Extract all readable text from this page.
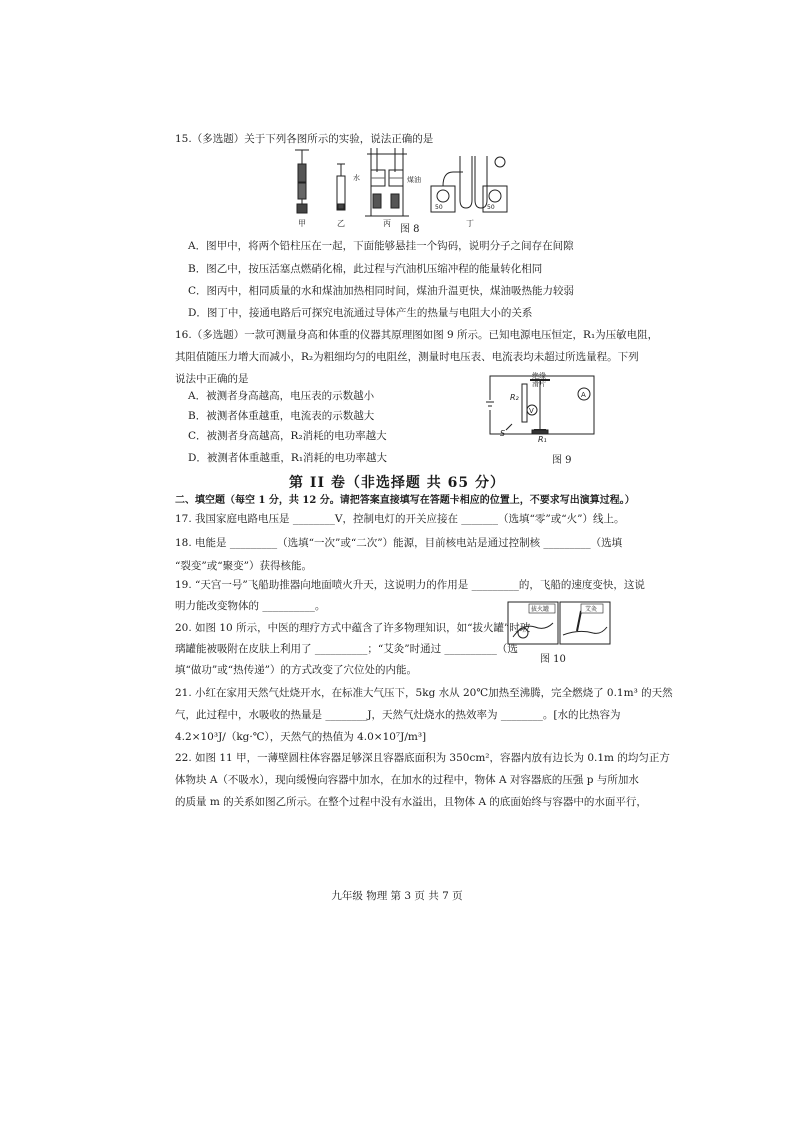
15.（多选题）关于下列各图所示的实验，说法正确的是
水	煤油
50	50
甲	乙	丙	丁
图 8
A．图甲中，将两个铅柱压在一起，下面能够悬挂一个钩码，说明分子之间存在间隙
B．图乙中，按压活塞点燃硝化棉，此过程与汽油机压缩冲程的能量转化相同
C．图丙中，相同质量的水和煤油加热相同时间，煤油升温更快，煤油吸热能力较弱
D．图丁中，接通电路后可探究电流通过导体产生的热量与电阻大小的关系
16.（多选题）一款可测量身高和体重的仪器其原理图如图 9 所示。已知电源电压恒定，R₁为压敏电阻，
其阻值随压力增大而减小，R₂为粗细均匀的电阻丝，测量时电压表、电流表均未超过所选量程。下列
说法中正确的是
A．被测者身高越高，电压表的示数越小
B．被测者体重越重，电流表的示数越大
C．被测者身高越高，R₂消耗的电功率越大
D．被测者体重越重，R₁消耗的电功率越大
V
A
R₂
R₁
S
绝缘
滑片
图 9
第 II 卷（非选择题 共 65 分）
二、填空题（每空 1 分，共 12 分。请把答案直接填写在答题卡相应的位置上，不要求写出演算过程。）
17. 我国家庭电路电压是 ________V，控制电灯的开关应接在 _______（选填“零”或“火”）线上。
18. 电能是 _________（选填“一次”或“二次”）能源，目前核电站是通过控制核 _________（选填
“裂变”或“聚变”）获得核能。
19. “天宫一号”飞船助推器向地面喷火升天，这说明力的作用是 _________的，飞船的速度变快，这说
明力能改变物体的 __________。
20. 如图 10 所示，中医的理疗方式中蕴含了许多物理知识，如“拔火罐”时玻
璃罐能被吸附在皮肤上利用了 __________；“艾灸”时通过 __________（选
填“做功”或“热传递”）的方式改变了穴位处的内能。
拔火罐	艾灸
图 10
21. 小红在家用天然气灶烧开水，在标准大气压下，5kg 水从 20℃加热至沸腾，完全燃烧了 0.1m³ 的天然
气，此过程中，水吸收的热量是 ________J，天然气灶烧水的热效率为 ________。[水的比热容为
4.2×10³J/（kg·℃），天然气的热值为 4.0×10⁷J/m³]
22. 如图 11 甲，一薄壁圆柱体容器足够深且容器底面积为 350cm²，容器内放有边长为 0.1m 的均匀正方
体物块 A（不吸水），现向缓慢向容器中加水，在加水的过程中，物体 A 对容器底的压强 p 与所加水
的质量 m 的关系如图乙所示。在整个过程中没有水溢出，且物体 A 的底面始终与容器中的水面平行，
九年级 物理 第 3 页 共 7 页
